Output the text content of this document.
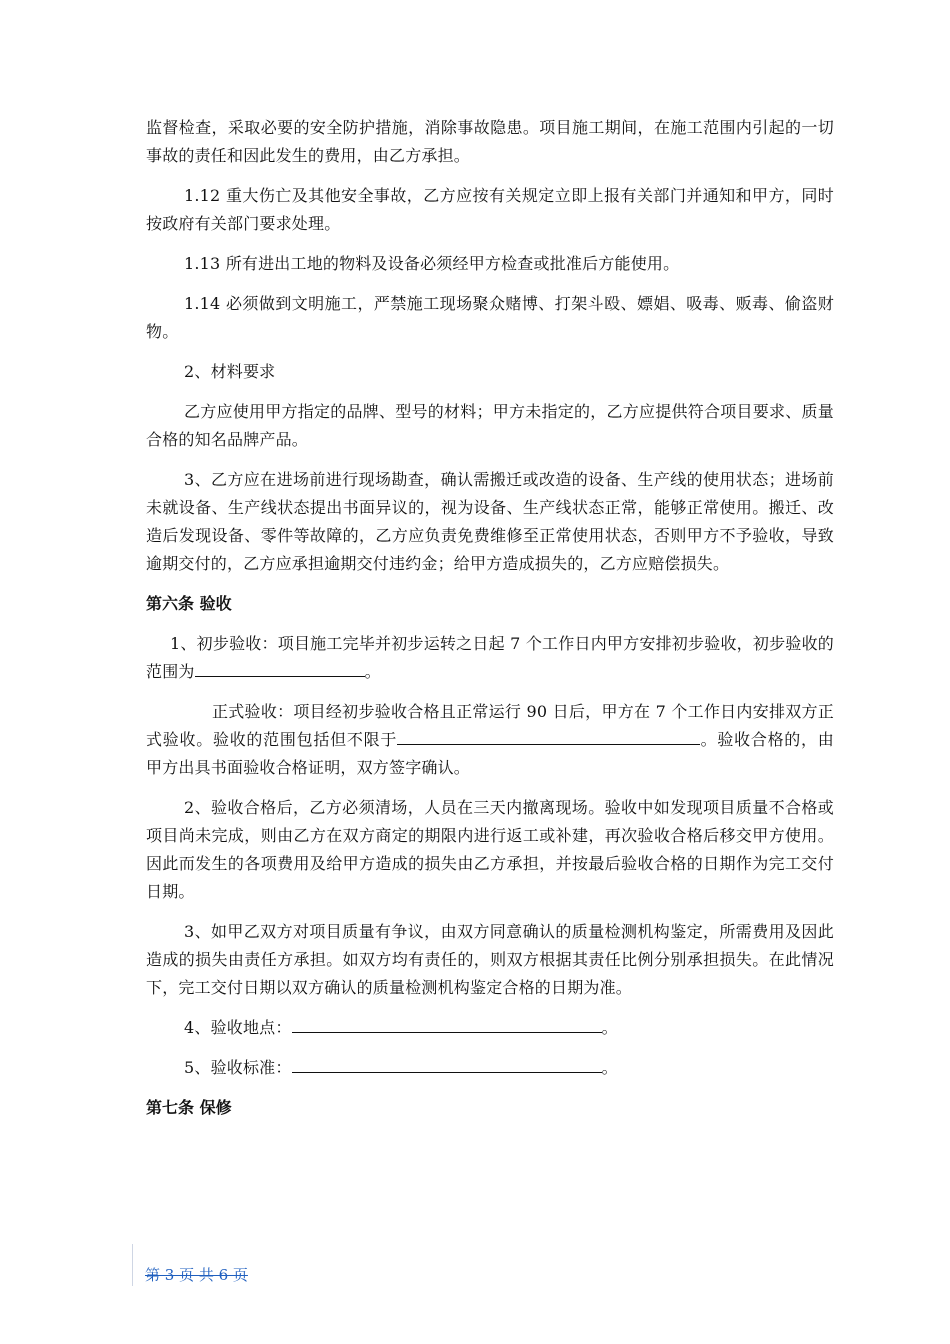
监督检查，采取必要的安全防护措施，消除事故隐患。项目施工期间，在施工范围内引起的一切事故的责任和因此发生的费用，由乙方承担。

1.12 重大伤亡及其他安全事故，乙方应按有关规定立即上报有关部门并通知和甲方，同时按政府有关部门要求处理。

1.13 所有进出工地的物料及设备必须经甲方检查或批准后方能使用。

1.14 必须做到文明施工，严禁施工现场聚众赌博、打架斗殴、嫖娼、吸毒、贩毒、偷盗财物。

2、材料要求

乙方应使用甲方指定的品牌、型号的材料；甲方未指定的，乙方应提供符合项目要求、质量合格的知名品牌产品。

3、乙方应在进场前进行现场勘查，确认需搬迁或改造的设备、生产线的使用状态；进场前未就设备、生产线状态提出书面异议的，视为设备、生产线状态正常，能够正常使用。搬迁、改造后发现设备、零件等故障的，乙方应负责免费维修至正常使用状态，否则甲方不予验收，导致逾期交付的，乙方应承担逾期交付违约金；给甲方造成损失的，乙方应赔偿损失。

第六条 验收

1、初步验收：项目施工完毕并初步运转之日起 7 个工作日内甲方安排初步验收，初步验收的范围为	。

正式验收：项目经初步验收合格且正常运行 90 日后，甲方在 7 个工作日内安排双方正式验收。验收的范围包括但不限于	。验收合格的，由甲方出具书面验收合格证明，双方签字确认。

2、验收合格后，乙方必须清场，人员在三天内撤离现场。验收中如发现项目质量不合格或项目尚未完成，则由乙方在双方商定的期限内进行返工或补建，再次验收合格后移交甲方使用。因此而发生的各项费用及给甲方造成的损失由乙方承担，并按最后验收合格的日期作为完工交付日期。

3、如甲乙双方对项目质量有争议，由双方同意确认的质量检测机构鉴定，所需费用及因此造成的损失由责任方承担。如双方均有责任的，则双方根据其责任比例分别承担损失。在此情况下，完工交付日期以双方确认的质量检测机构鉴定合格的日期为准。

4、验收地点：	。

5、验收标准：	。

第七条 保修
第 3 页 共 6 页
